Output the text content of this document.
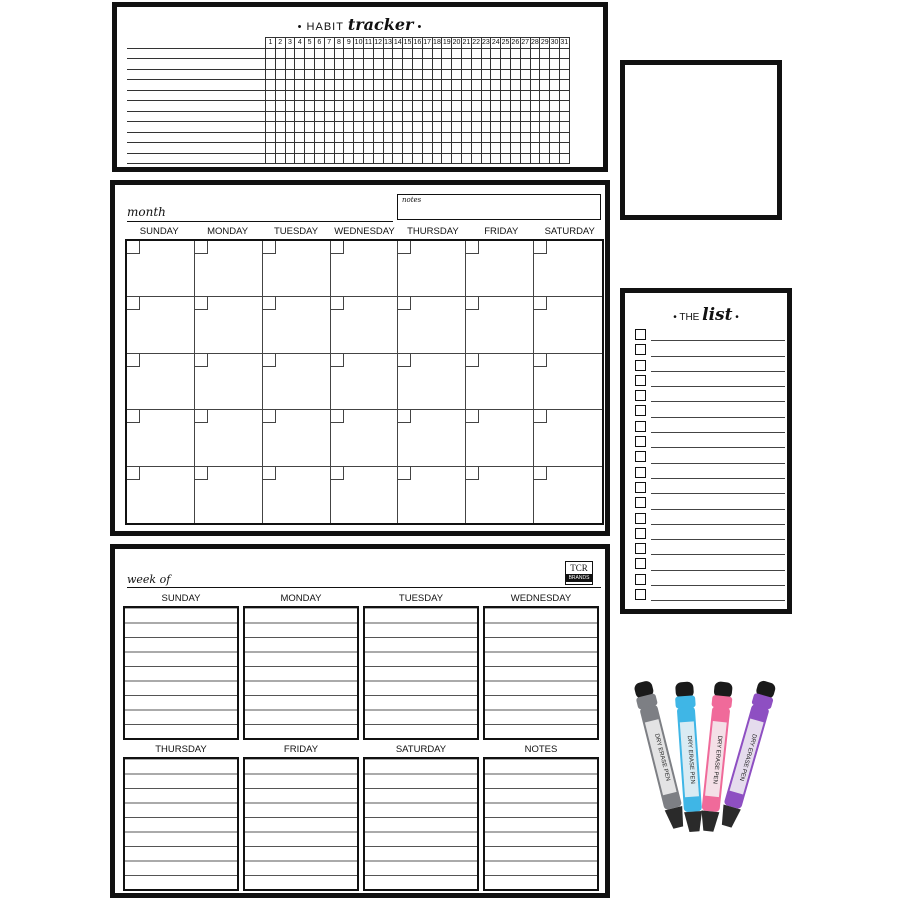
• HABIT tracker •
	1	2	3	4	5	6	7	8	9	10	11	12	13	14	15	16	17	18	19	20	21	22	23	24	25	26	27	28	29	30	31

month
notes
SUNDAY	MONDAY	TUESDAY	WEDNESDAY	THURSDAY	FRIDAY	SATURDAY
week of
TCR
BRANDS
SUNDAY	MONDAY	TUESDAY	WEDNESDAY
THURSDAY	FRIDAY	SATURDAY	NOTES
• THE list •
DRY ERASE PEN	DRY ERASE PEN	DRY ERASE PEN	DRY ERASE PEN
